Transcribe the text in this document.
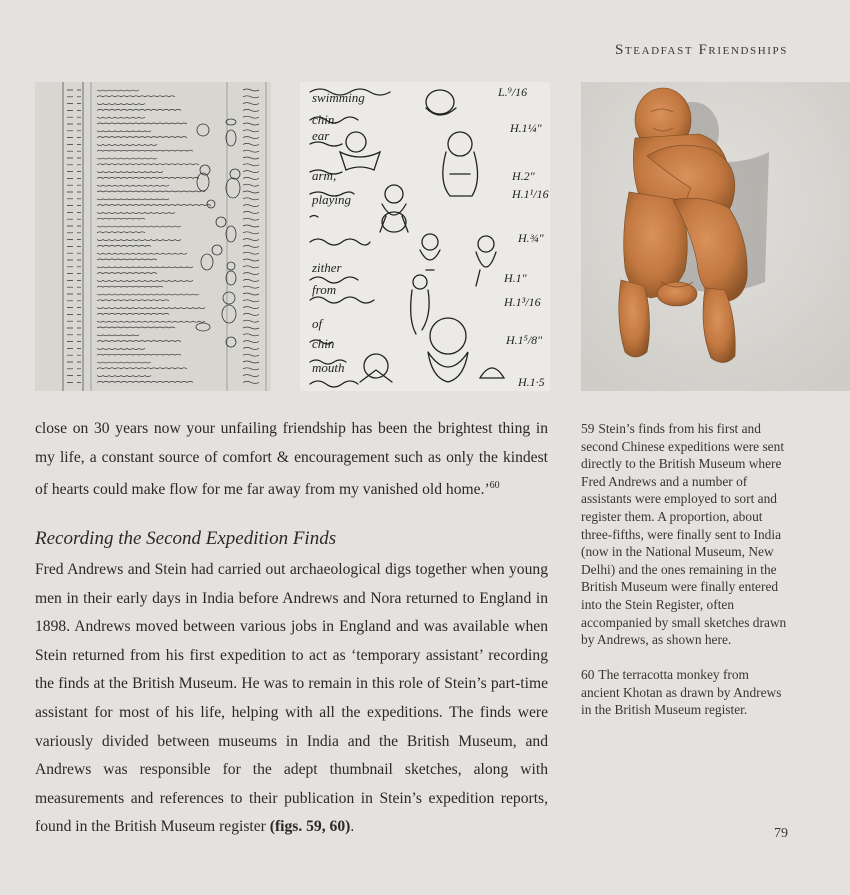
Steadfast Friendships
L.⁹/16
H.1¼"
H.2"
H.1¹/16
H.¾"
H.1"
H.1³/16
H.1⁵/8"
H.1·5
swimming
chin.
ear
arm,
playing
zither
from
of
chin
mouth
close on 30 years now your unfailing friendship has been the brightest thing in my life, a constant source of comfort & encouragement such as only the kindest of hearts could make flow for me far away from my vanished old home.’$^{60}$
Recording the Second Expedition Finds
Fred Andrews and Stein had carried out archaeological digs together when young men in their early days in India before Andrews and Nora returned to England in 1898. Andrews moved between various jobs in England and was available when Stein returned from his first expedition to act as ‘temporary assistant’ recording the finds at the British Museum. He was to remain in this role of Stein’s part-time assistant for most of his life, helping with all the expeditions. The finds were variously divided between museums in India and the British Museum, and Andrews was responsible for the adept thumbnail sketches, along with measurements and references to their publication in Stein’s expedition reports, found in the British Museum register (figs. 59, 60).
59 Stein’s finds from his first and second Chinese expeditions were sent directly to the British Museum where Fred Andrews and a number of assistants were employed to sort and register them. A proportion, about three-fifths, were finally sent to India (now in the National Museum, New Delhi) and the ones remaining in the British Museum were finally entered into the Stein Register, often accompanied by small sketches drawn by Andrews, as shown here.
60 The terracotta monkey from ancient Khotan as drawn by Andrews in the British Museum register.
79
